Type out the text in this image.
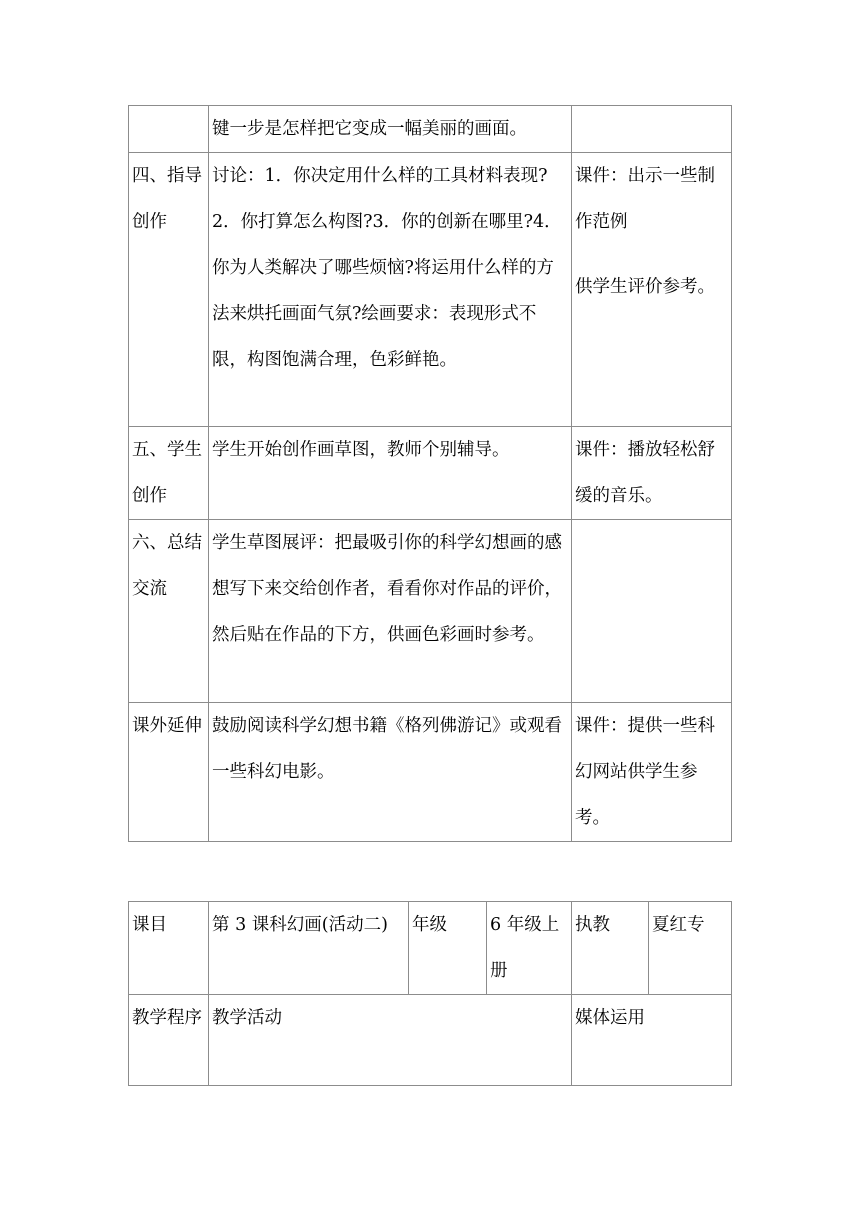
	键一步是怎样把它变成一幅美丽的画面。	
四、指导创作	讨论：1．你决定用什么样的工具材料表现?2．你打算怎么构图?3．你的创新在哪里?4．你为人类解决了哪些烦恼?将运用什么样的方法来烘托画面气氛?绘画要求：表现形式不限，构图饱满合理，色彩鲜艳。	课件：出示一些制作范例
供学生评价参考。

五、学生创作	学生开始创作画草图，教师个别辅导。	课件：播放轻松舒缓的音乐。
六、总结交流	学生草图展评：把最吸引你的科学幻想画的感想写下来交给创作者，看看你对作品的评价，然后贴在作品的下方，供画色彩画时参考。	
课外延伸	鼓励阅读科学幻想书籍《格列佛游记》或观看一些科幻电影。	课件：提供一些科幻网站供学生参考。
课目	第 3 课科幻画(活动二)	年级	6 年级上册	执教	夏红专
教学程序	教学活动			媒体运用	
